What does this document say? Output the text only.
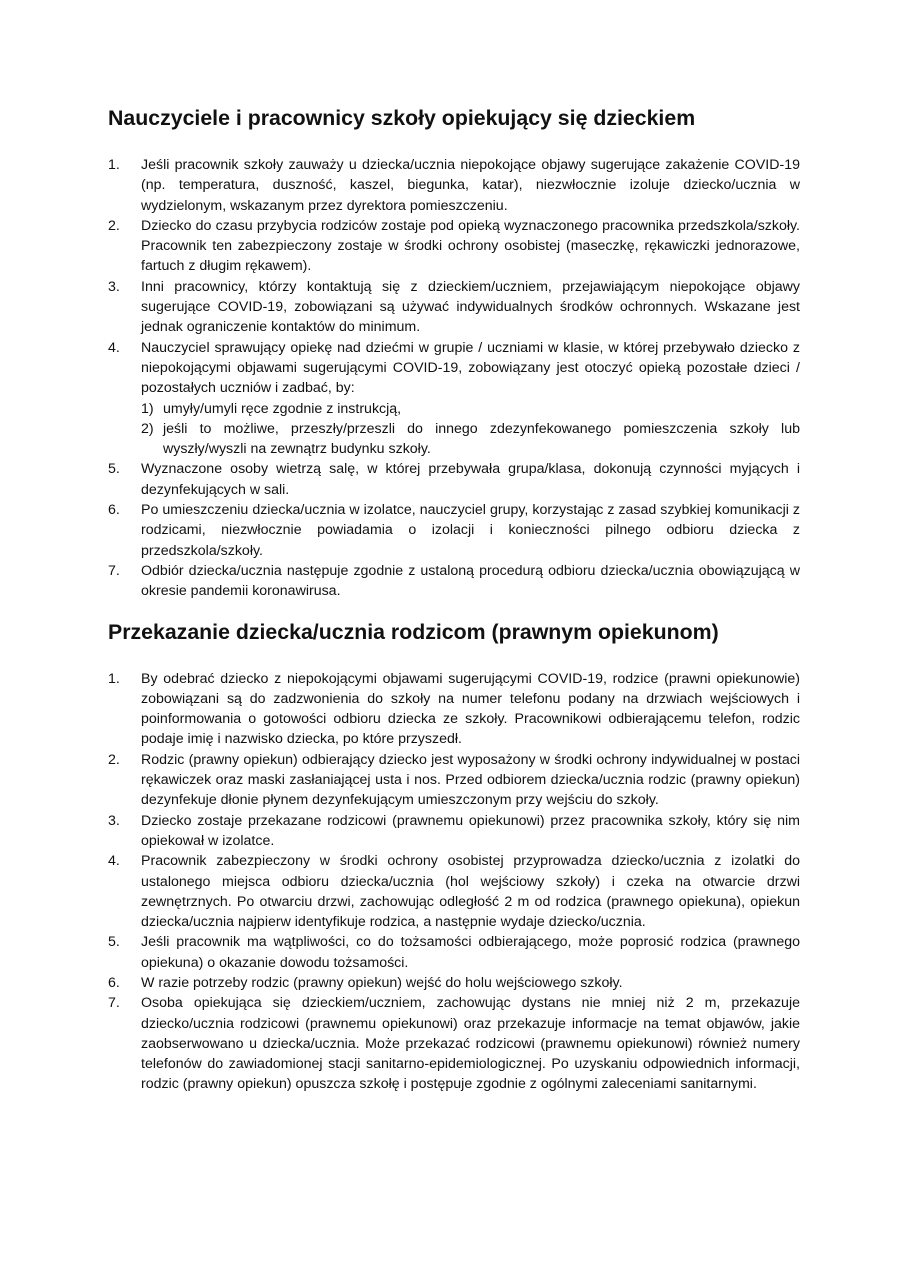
Nauczyciele i pracownicy szkoły opiekujący się dzieckiem
1. Jeśli pracownik szkoły zauważy u dziecka/ucznia niepokojące objawy sugerujące zakażenie COVID-19 (np. temperatura, duszność, kaszel, biegunka, katar), niezwłocznie izoluje dziecko/ucznia w wydzielonym, wskazanym przez dyrektora pomieszczeniu.
2. Dziecko do czasu przybycia rodziców zostaje pod opieką wyznaczonego pracownika przedszkola/szkoły. Pracownik ten zabezpieczony zostaje w środki ochrony osobistej (maseczkę, rękawiczki jednorazowe, fartuch z długim rękawem).
3. Inni pracownicy, którzy kontaktują się z dzieckiem/uczniem, przejawiającym niepokojące objawy sugerujące COVID-19, zobowiązani są używać indywidualnych środków ochronnych. Wskazane jest jednak ograniczenie kontaktów do minimum.
4. Nauczyciel sprawujący opiekę nad dziećmi w grupie / uczniami w klasie, w której przebywało dziecko z niepokojącymi objawami sugerującymi COVID-19, zobowiązany jest otoczyć opieką pozostałe dzieci / pozostałych uczniów i zadbać, by:
1) umyły/umyli ręce zgodnie z instrukcją,
2) jeśli to możliwe, przeszły/przeszli do innego zdezynfekowanego pomieszczenia szkoły lub wyszły/wyszli na zewnątrz budynku szkoły.
5. Wyznaczone osoby wietrzą salę, w której przebywała grupa/klasa, dokonują czynności myjących i dezynfekujących w sali.
6. Po umieszczeniu dziecka/ucznia w izolatce, nauczyciel grupy, korzystając z zasad szybkiej komunikacji z rodzicami, niezwłocznie powiadamia o izolacji i konieczności pilnego odbioru dziecka z przedszkola/szkoły.
7. Odbiór dziecka/ucznia następuje zgodnie z ustaloną procedurą odbioru dziecka/ucznia obowiązującą w okresie pandemii koronawirusa.
Przekazanie dziecka/ucznia rodzicom (prawnym opiekunom)
1. By odebrać dziecko z niepokojącymi objawami sugerującymi COVID-19, rodzice (prawni opiekunowie) zobowiązani są do zadzwonienia do szkoły na numer telefonu podany na drzwiach wejściowych i poinformowania o gotowości odbioru dziecka ze szkoły. Pracownikowi odbierającemu telefon, rodzic podaje imię i nazwisko dziecka, po które przyszedł.
2. Rodzic (prawny opiekun) odbierający dziecko jest wyposażony w środki ochrony indywidualnej w postaci rękawiczek oraz maski zasłaniającej usta i nos. Przed odbiorem dziecka/ucznia rodzic (prawny opiekun) dezynfekuje dłonie płynem dezynfekującym umieszczonym przy wejściu do szkoły.
3. Dziecko zostaje przekazane rodzicowi (prawnemu opiekunowi) przez pracownika szkoły, który się nim opiekował w izolatce.
4. Pracownik zabezpieczony w środki ochrony osobistej przyprowadza dziecko/ucznia z izolatki do ustalonego miejsca odbioru dziecka/ucznia (hol wejściowy szkoły) i czeka na otwarcie drzwi zewnętrznych. Po otwarciu drzwi, zachowując odległość 2 m od rodzica (prawnego opiekuna), opiekun dziecka/ucznia najpierw identyfikuje rodzica, a następnie wydaje dziecko/ucznia.
5. Jeśli pracownik ma wątpliwości, co do tożsamości odbierającego, może poprosić rodzica (prawnego opiekuna) o okazanie dowodu tożsamości.
6. W razie potrzeby rodzic (prawny opiekun) wejść do holu wejściowego szkoły.
7. Osoba opiekująca się dzieckiem/uczniem, zachowując dystans nie mniej niż 2 m, przekazuje dziecko/ucznia rodzicowi (prawnemu opiekunowi) oraz przekazuje informacje na temat objawów, jakie zaobserwowano u dziecka/ucznia. Może przekazać rodzicowi (prawnemu opiekunowi) również numery telefonów do zawiadomionej stacji sanitarno-epidemiologicznej. Po uzyskaniu odpowiednich informacji, rodzic (prawny opiekun) opuszcza szkołę i postępuje zgodnie z ogólnymi zaleceniami sanitarnymi.
